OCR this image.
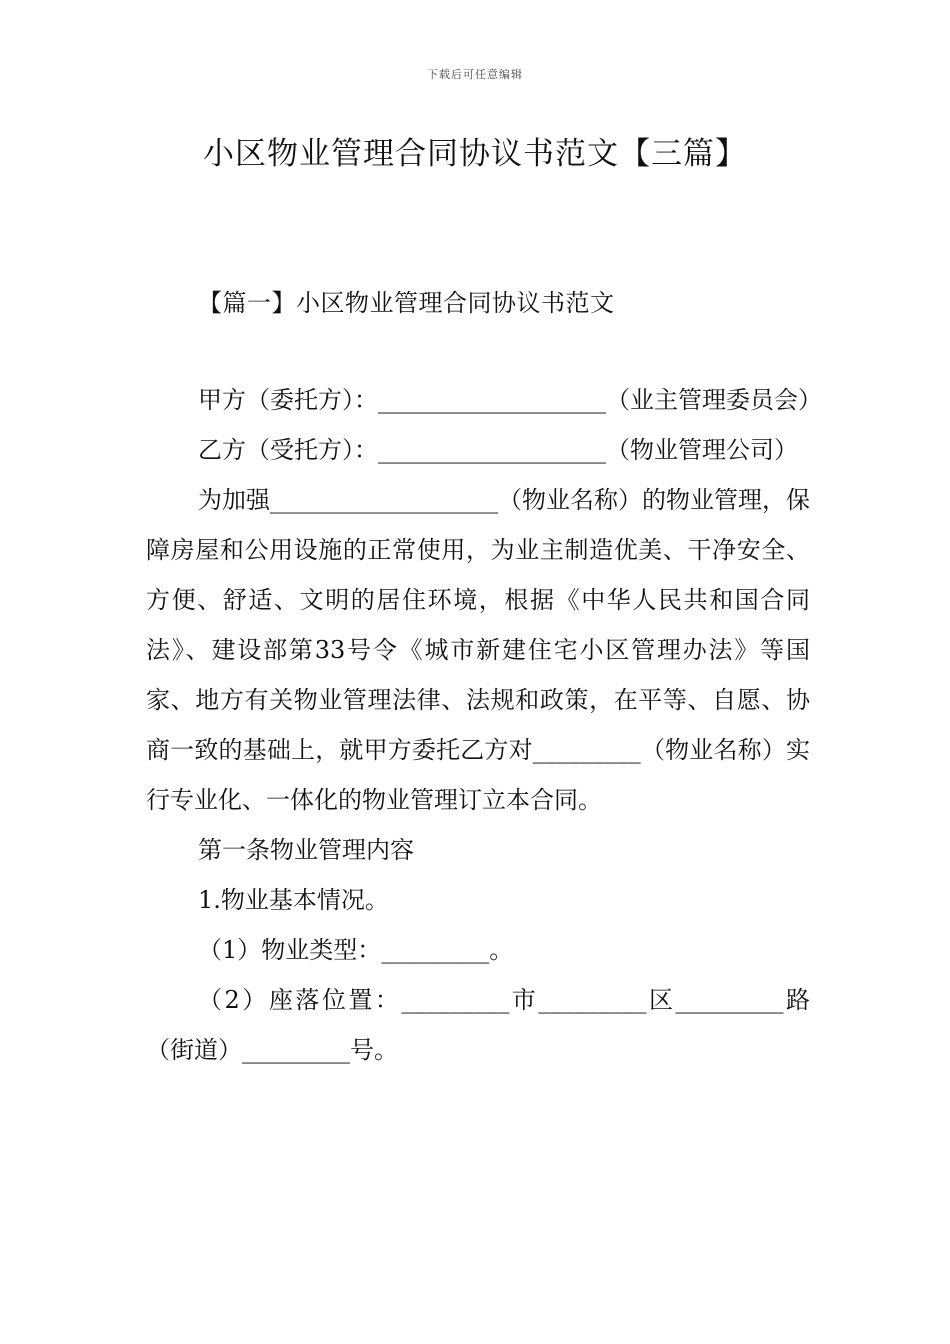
下载后可任意编辑
小区物业管理合同协议书范文【三篇】
【篇一】小区物业管理合同协议书范文

甲方（委托方）：___________________（业主管理委员会）

乙方（受托方）：___________________（物业管理公司）

为加强___________________（物业名称）的物业管理，保障房屋和公用设施的正常使用，为业主制造优美、干净安全、方便、舒适、文明的居住环境，根据《中华人民共和国合同法》、建设部第33号令《城市新建住宅小区管理办法》等国家、地方有关物业管理法律、法规和政策，在平等、自愿、协商一致的基础上，就甲方委托乙方对_________（物业名称）实行专业化、一体化的物业管理订立本合同。

第一条物业管理内容

1.物业基本情况。

（1）物业类型：_________。

（2）座落位置：_________市_________区_________路（街道）_________号。
